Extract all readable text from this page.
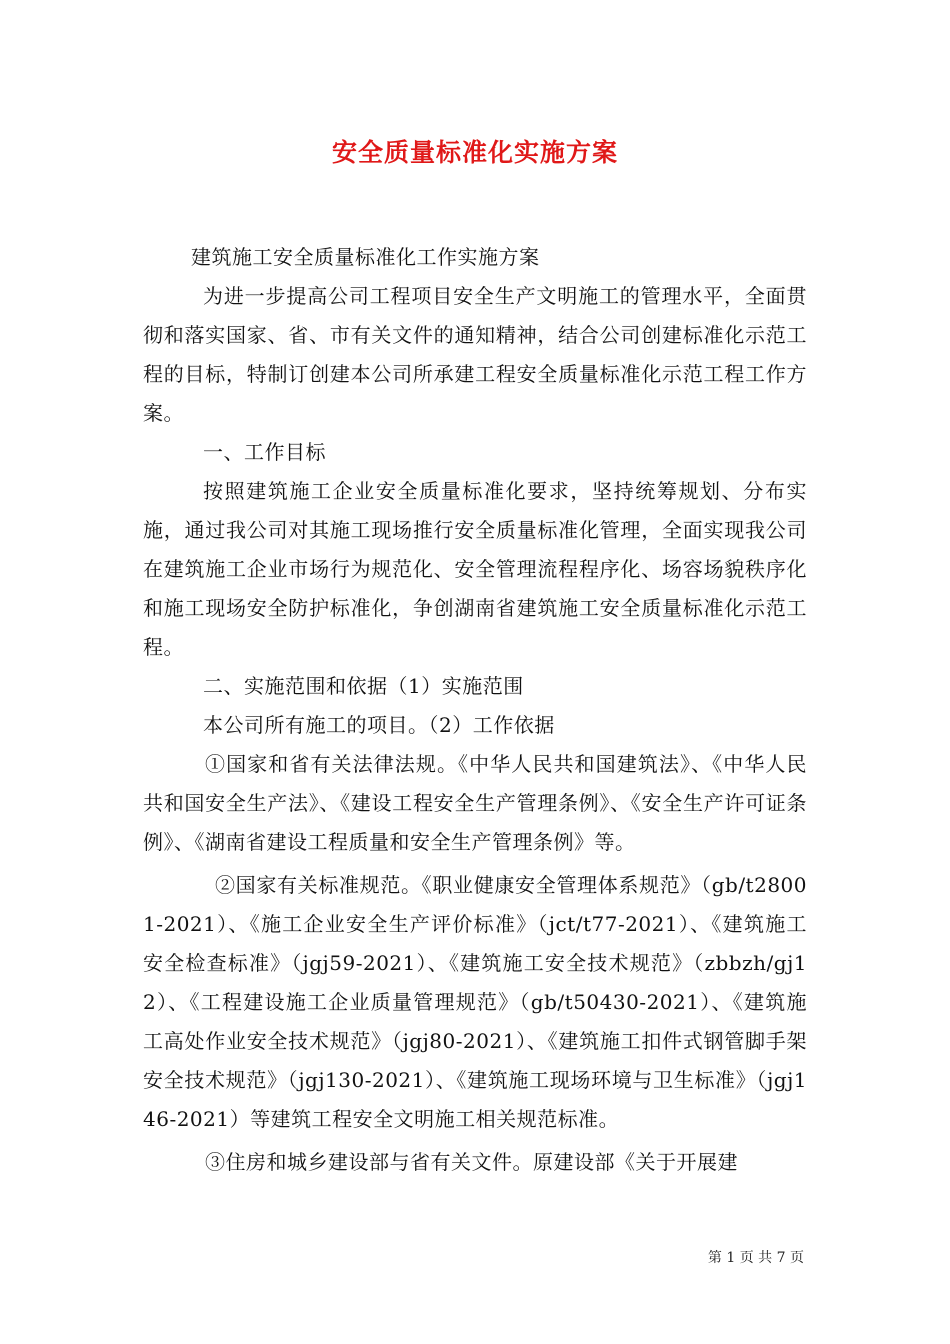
安全质量标准化实施方案

建筑施工安全质量标准化工作实施方案

为进一步提高公司工程项目安全生产文明施工的管理水平，全面贯彻和落实国家、省、市有关文件的通知精神，结合公司创建标准化示范工程的目标，特制订创建本公司所承建工程安全质量标准化示范工程工作方案。

一、工作目标

按照建筑施工企业安全质量标准化要求，坚持统筹规划、分布实施，通过我公司对其施工现场推行安全质量标准化管理，全面实现我公司在建筑施工企业市场行为规范化、安全管理流程程序化、场容场貌秩序化和施工现场安全防护标准化，争创湖南省建筑施工安全质量标准化示范工程。

二、实施范围和依据（1）实施范围

本公司所有施工的项目。（2）工作依据

①国家和省有关法律法规。《中华人民共和国建筑法》、《中华人民共和国安全生产法》、《建设工程安全生产管理条例》、《安全生产许可证条例》、《湖南省建设工程质量和安全生产管理条例》等。

②国家有关标准规范。《职业健康安全管理体系规范》（gb/t28001-2021）、《施工企业安全生产评价标准》（jct/t77-2021）、《建筑施工安全检查标准》（jgj59-2021）、《建筑施工安全技术规范》（zbbzh/gj12）、《工程建设施工企业质量管理规范》（gb/t50430-2021）、《建筑施工高处作业安全技术规范》（jgj80-2021）、《建筑施工扣件式钢管脚手架安全技术规范》（jgj130-2021）、《建筑施工现场环境与卫生标准》（jgj146-2021）等建筑工程安全文明施工相关规范标准。

③住房和城乡建设部与省有关文件。原建设部《关于开展建

第 1 页 共 7 页
